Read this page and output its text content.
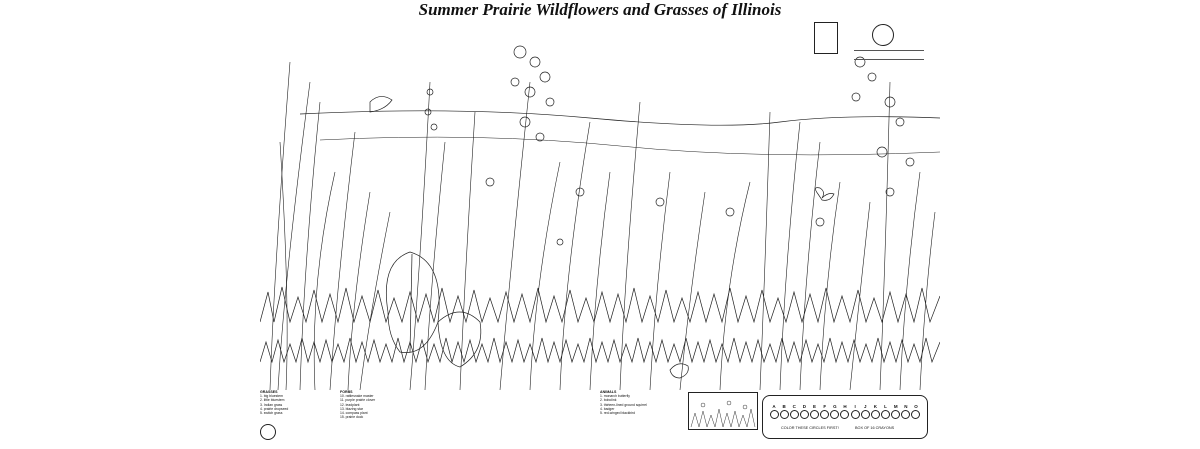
Summer Prairie Wildflowers and Grasses of Illinois
GRASSES
1. big bluestem
2. little bluestem
3. Indian grass
4. prairie dropseed
5. switch grass
FORBS
10. rattlesnake master
11. purple prairie clover
12. leadplant
13. blazing star
14. compass plant
15. prairie dock
ANIMALS
1. monarch butterfly
2. bobolink
3. thirteen-lined ground squirrel
4. badger
5. red-winged blackbird
A B C D E F G H I J K L M N O
COLOR THESE CIRCLES FIRST!	BOX OF 16 CRAYONS
